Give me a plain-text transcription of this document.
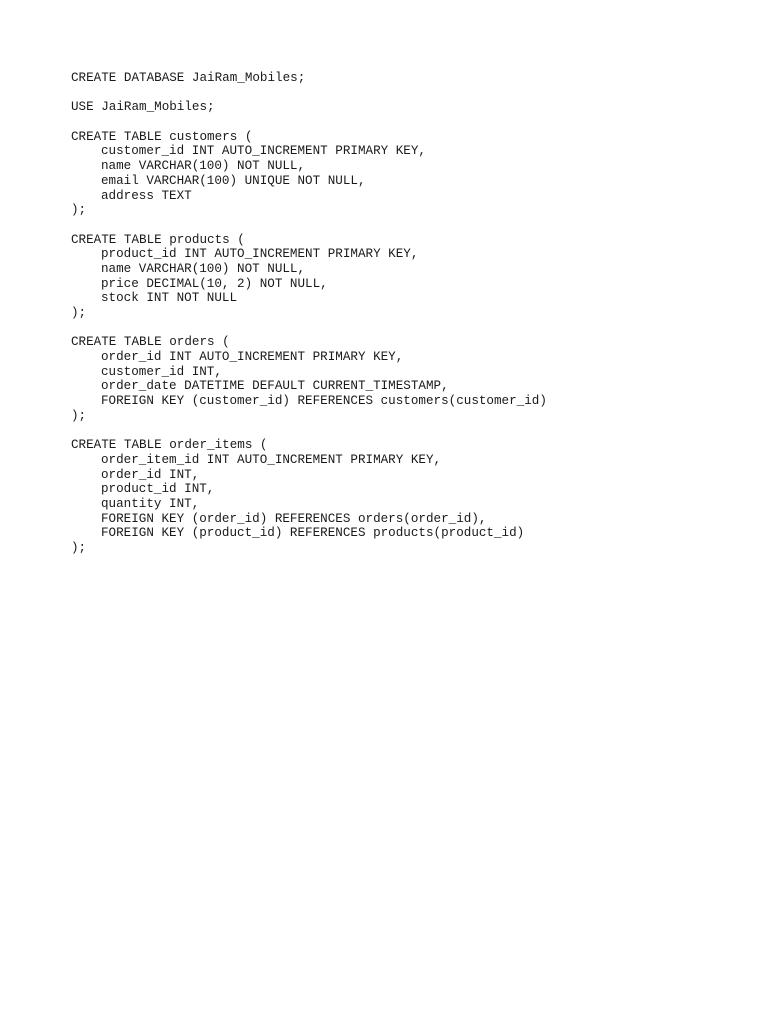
CREATE DATABASE JaiRam_Mobiles;
USE JaiRam_Mobiles;
CREATE TABLE customers (
customer_id INT AUTO_INCREMENT PRIMARY KEY,
name VARCHAR(100) NOT NULL,
email VARCHAR(100) UNIQUE NOT NULL,
address TEXT
);
CREATE TABLE products (
product_id INT AUTO_INCREMENT PRIMARY KEY,
name VARCHAR(100) NOT NULL,
price DECIMAL(10, 2) NOT NULL,
stock INT NOT NULL
);
CREATE TABLE orders (
order_id INT AUTO_INCREMENT PRIMARY KEY,
customer_id INT,
order_date DATETIME DEFAULT CURRENT_TIMESTAMP,
FOREIGN KEY (customer_id) REFERENCES customers(customer_id)
);
CREATE TABLE order_items (
order_item_id INT AUTO_INCREMENT PRIMARY KEY,
order_id INT,
product_id INT,
quantity INT,
FOREIGN KEY (order_id) REFERENCES orders(order_id),
FOREIGN KEY (product_id) REFERENCES products(product_id)
);
